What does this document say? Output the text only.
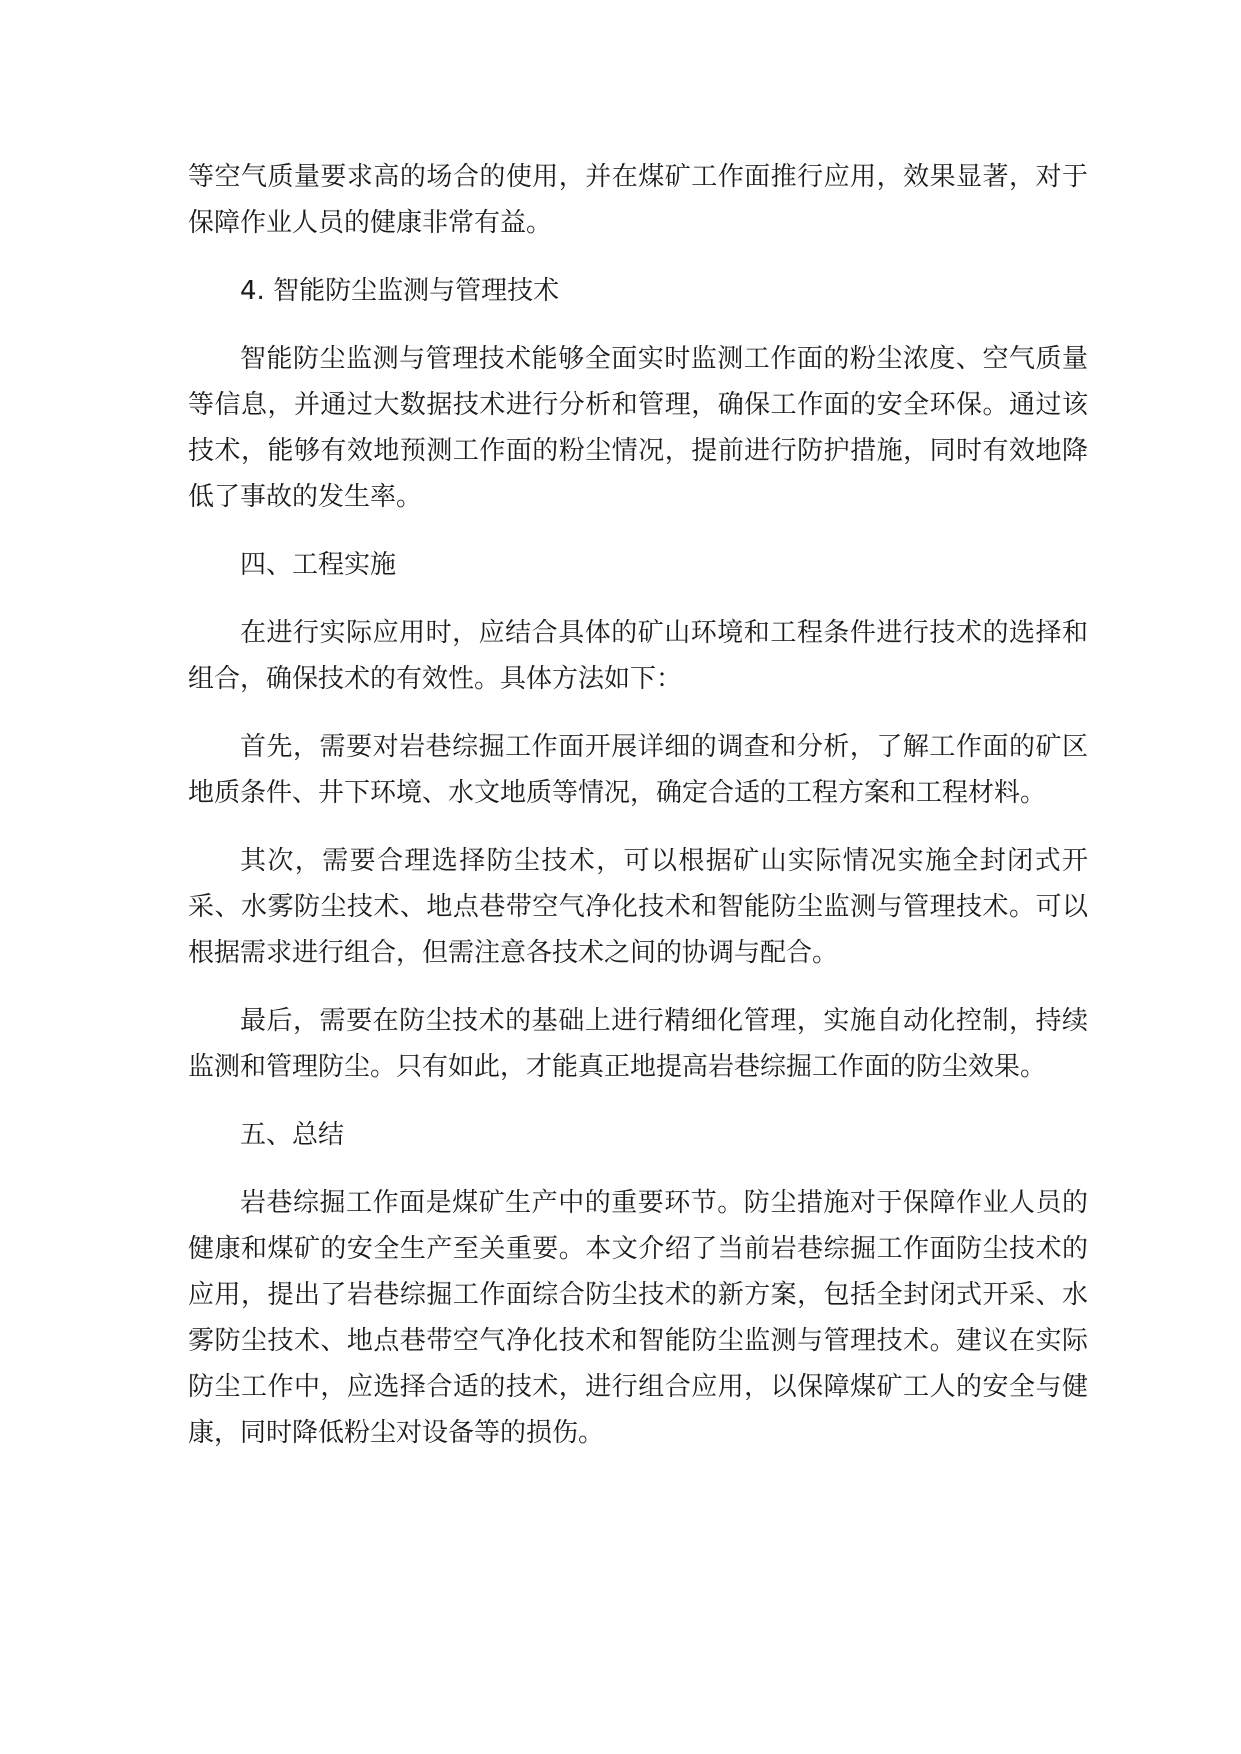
等空气质量要求高的场合的使用，并在煤矿工作面推行应用，效果显著，对于保障作业人员的健康非常有益。

4. 智能防尘监测与管理技术

智能防尘监测与管理技术能够全面实时监测工作面的粉尘浓度、空气质量等信息，并通过大数据技术进行分析和管理，确保工作面的安全环保。通过该技术，能够有效地预测工作面的粉尘情况，提前进行防护措施，同时有效地降低了事故的发生率。

四、工程实施

在进行实际应用时，应结合具体的矿山环境和工程条件进行技术的选择和组合，确保技术的有效性。具体方法如下：

首先，需要对岩巷综掘工作面开展详细的调查和分析，了解工作面的矿区地质条件、井下环境、水文地质等情况，确定合适的工程方案和工程材料。

其次，需要合理选择防尘技术，可以根据矿山实际情况实施全封闭式开采、水雾防尘技术、地点巷带空气净化技术和智能防尘监测与管理技术。可以根据需求进行组合，但需注意各技术之间的协调与配合。

最后，需要在防尘技术的基础上进行精细化管理，实施自动化控制，持续监测和管理防尘。只有如此，才能真正地提高岩巷综掘工作面的防尘效果。

五、总结

岩巷综掘工作面是煤矿生产中的重要环节。防尘措施对于保障作业人员的健康和煤矿的安全生产至关重要。本文介绍了当前岩巷综掘工作面防尘技术的应用，提出了岩巷综掘工作面综合防尘技术的新方案，包括全封闭式开采、水雾防尘技术、地点巷带空气净化技术和智能防尘监测与管理技术。建议在实际防尘工作中，应选择合适的技术，进行组合应用，以保障煤矿工人的安全与健康，同时降低粉尘对设备等的损伤。
